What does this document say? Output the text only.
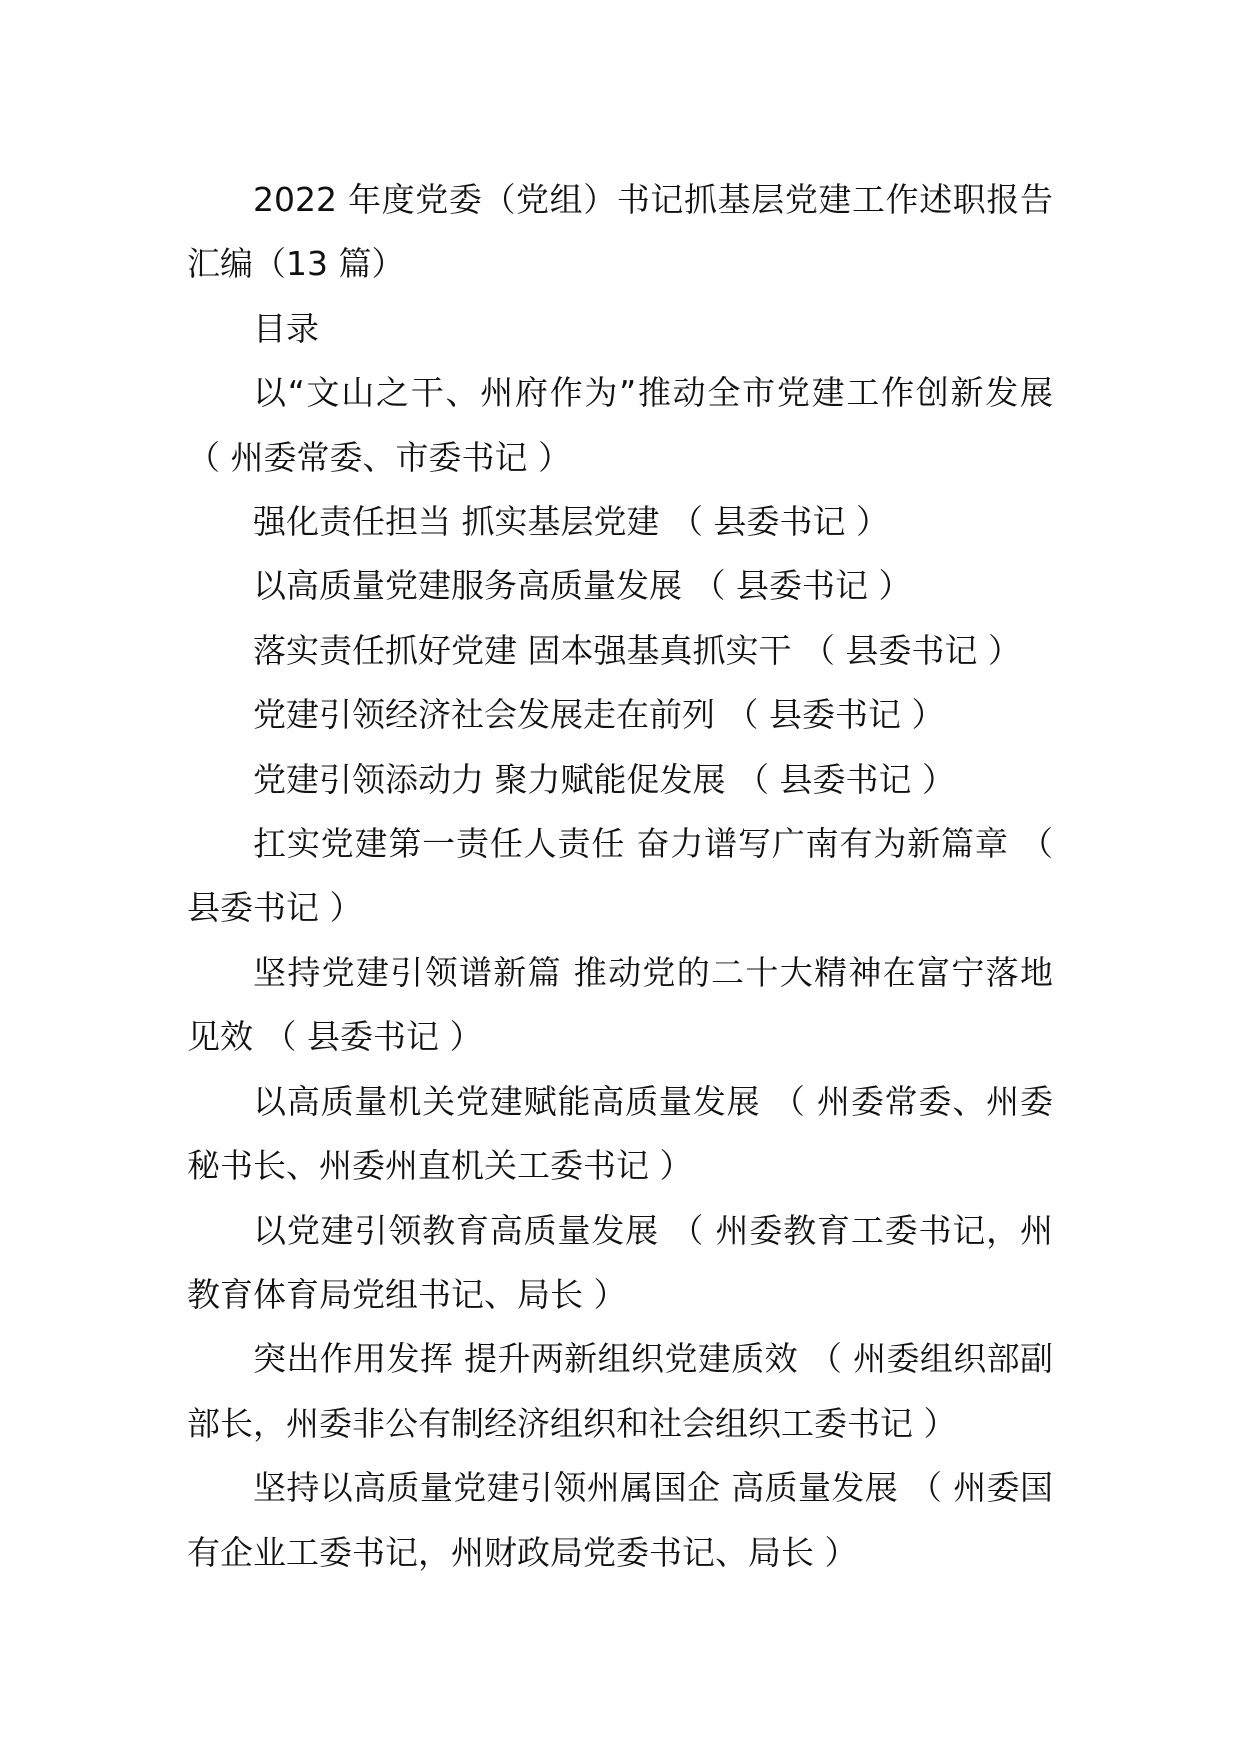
2022 年度党委（党组）书记抓基层党建工作述职报告汇编（13 篇）

目录

以“文山之干、州府作为”推动全市党建工作创新发展 （ 州委常委、市委书记 ）

强化责任担当 抓实基层党建 （ 县委书记 ）

以高质量党建服务高质量发展 （ 县委书记 ）

落实责任抓好党建 固本强基真抓实干 （ 县委书记 ）

党建引领经济社会发展走在前列 （ 县委书记 ）

党建引领添动力 聚力赋能促发展 （ 县委书记 ）

扛实党建第一责任人责任 奋力谱写广南有为新篇章 （ 县委书记 ）

坚持党建引领谱新篇 推动党的二十大精神在富宁落地见效 （ 县委书记 ）

以高质量机关党建赋能高质量发展 （ 州委常委、州委秘书长、州委州直机关工委书记 ）

以党建引领教育高质量发展 （ 州委教育工委书记，州教育体育局党组书记、局长 ）

突出作用发挥 提升两新组织党建质效 （ 州委组织部副部长，州委非公有制经济组织和社会组织工委书记 ）

坚持以高质量党建引领州属国企 高质量发展 （ 州委国有企业工委书记，州财政局党委书记、局长 ）
